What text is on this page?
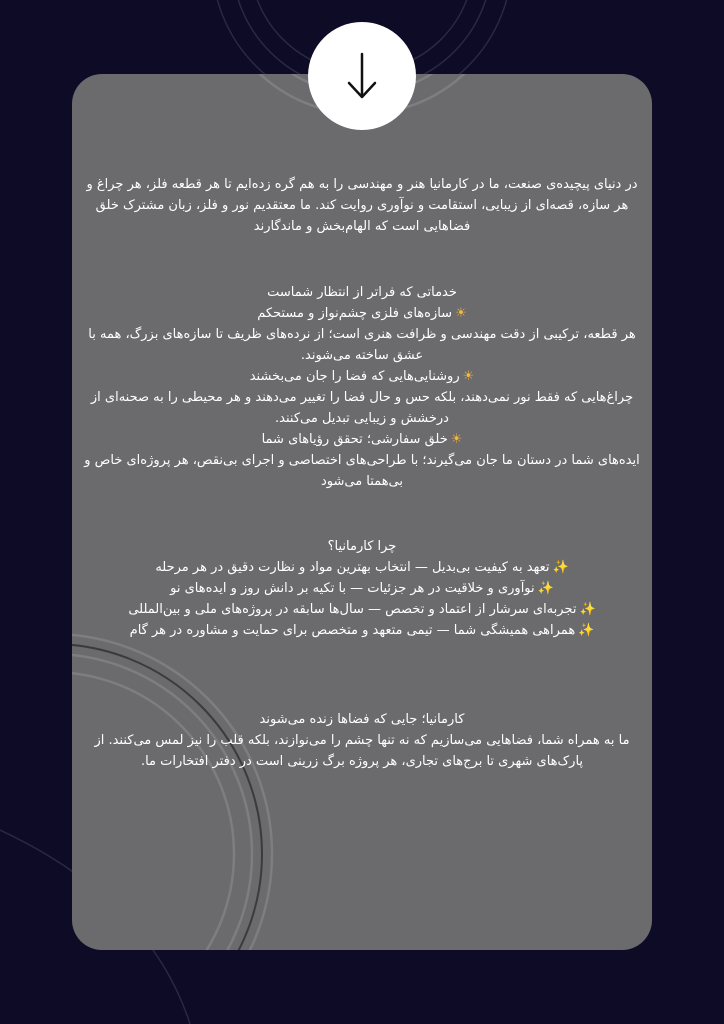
در دنیای پیچیده‌ی صنعت، ما در کارمانیا هنر و مهندسی را به هم گره زده‌ایم تا هر قطعه فلز، هر چراغ و هر سازه، قصه‌ای از زیبایی، استقامت و نوآوری روایت کند. ما معتقدیم نور و فلز، زبان مشترک خلق فضاهایی است که الهام‌بخش و ماندگارند

خدماتی که فراتر از انتظار شماست

☀سازه‌های فلزی چشم‌نواز و مستحکم

هر قطعه، ترکیبی از دقت مهندسی و ظرافت هنری است؛ از نرده‌های ظریف تا سازه‌های بزرگ، همه با عشق ساخته می‌شوند.

☀روشنایی‌هایی که فضا را جان می‌بخشند

چراغ‌هایی که فقط نور نمی‌دهند، بلکه حس و حال فضا را تغییر می‌دهند و هر محیطی را به صحنه‌ای از درخشش و زیبایی تبدیل می‌کنند.

☀خلق سفارشی؛ تحقق رؤیاهای شما

ایده‌های شما در دستان ما جان می‌گیرند؛ با طراحی‌های اختصاصی و اجرای بی‌نقص، هر پروژه‌ای خاص و بی‌همتا می‌شود

چرا کارمانیا؟

✨تعهد به کیفیت بی‌بدیل — انتخاب بهترین مواد و نظارت دقیق در هر مرحله

✨نوآوری و خلاقیت در هر جزئیات — با تکیه بر دانش روز و ایده‌های نو

✨تجربه‌ای سرشار از اعتماد و تخصص — سال‌ها سابقه در پروژه‌های ملی و بین‌المللی

✨همراهی همیشگی شما — تیمی متعهد و متخصص برای حمایت و مشاوره در هر گام

کارمانیا؛ جایی که فضاها زنده می‌شوند

ما به همراه شما، فضاهایی می‌سازیم که نه تنها چشم را می‌نوازند، بلکه قلب را نیز لمس می‌کنند. از پارک‌های شهری تا برج‌های تجاری، هر پروژه برگ زرینی است در دفتر افتخارات ما.
